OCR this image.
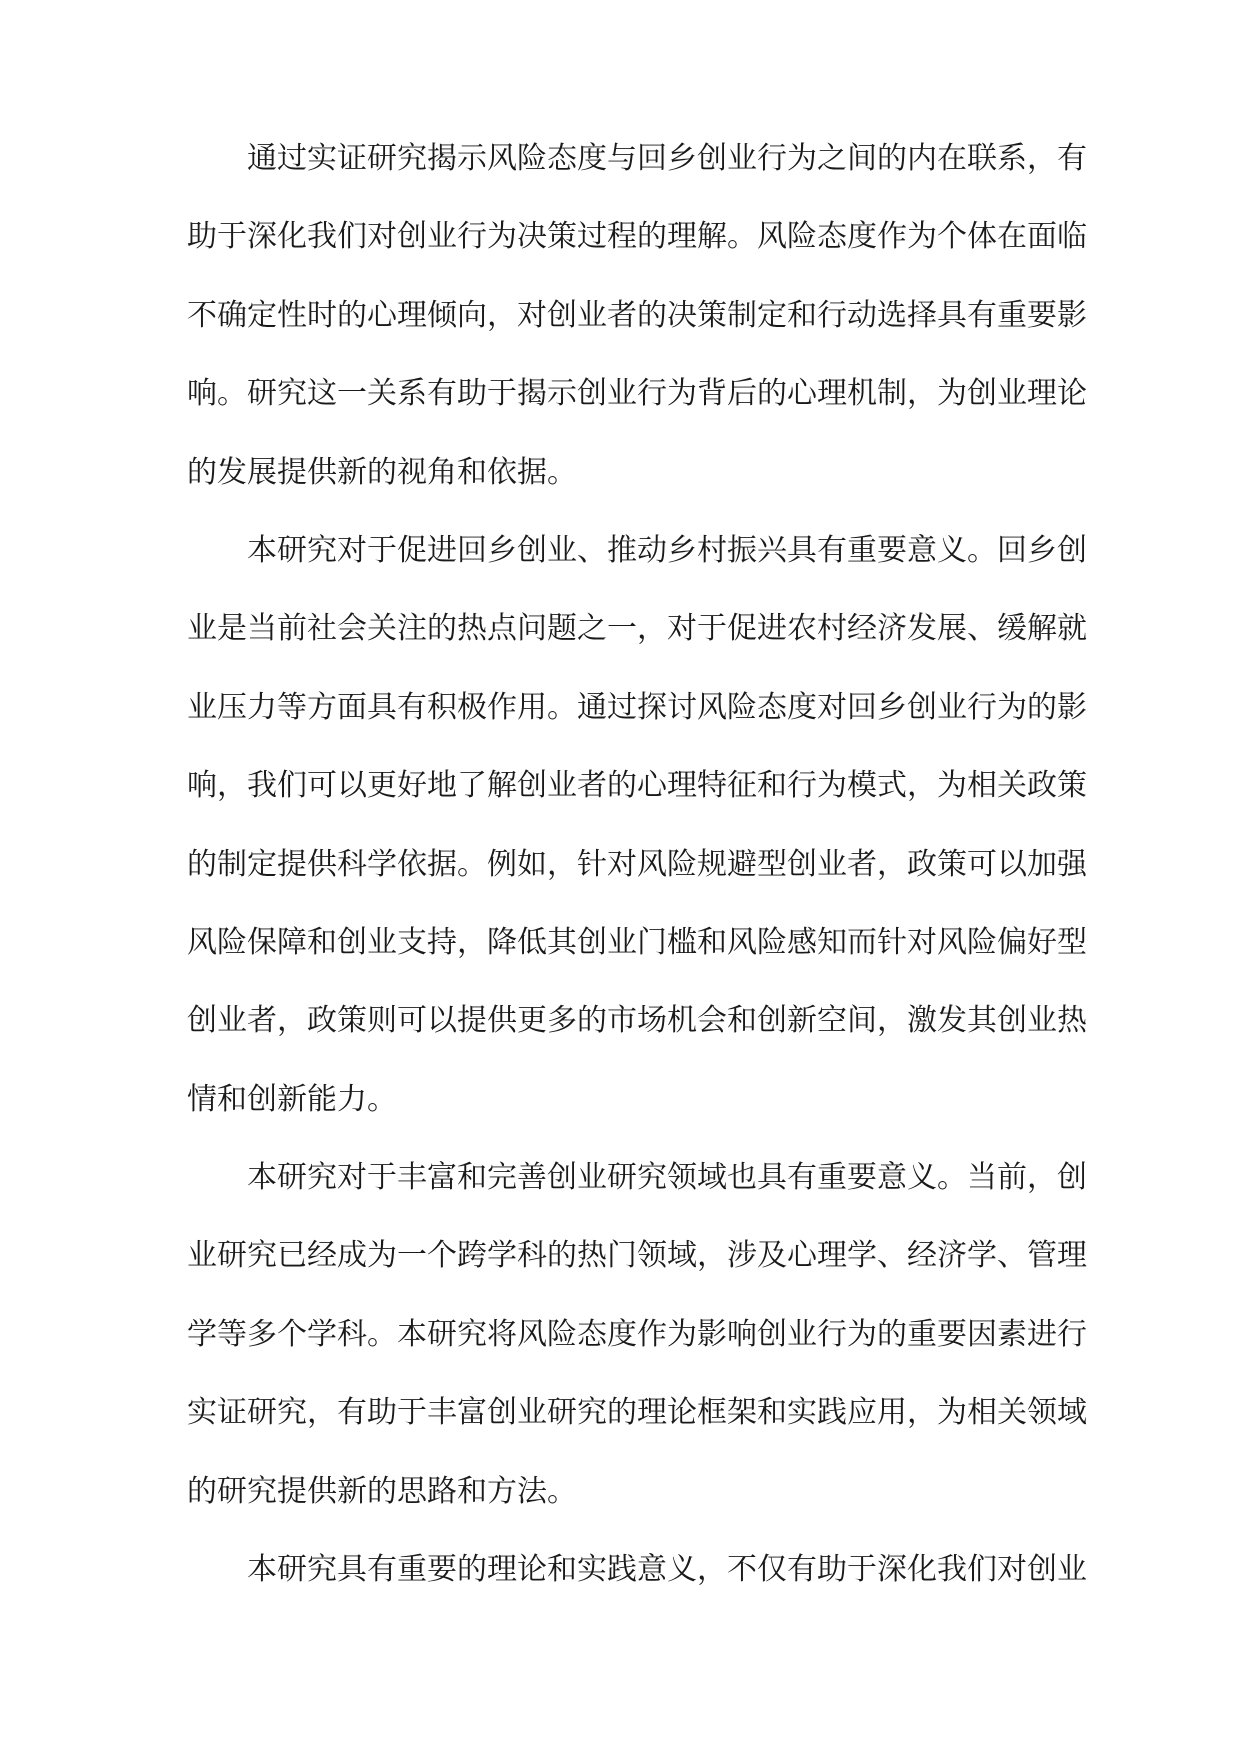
通过实证研究揭示风险态度与回乡创业行为之间的内在联系，有
助于深化我们对创业行为决策过程的理解。风险态度作为个体在面临
不确定性时的心理倾向，对创业者的决策制定和行动选择具有重要影
响。研究这一关系有助于揭示创业行为背后的心理机制，为创业理论
的发展提供新的视角和依据。
本研究对于促进回乡创业、推动乡村振兴具有重要意义。回乡创
业是当前社会关注的热点问题之一，对于促进农村经济发展、缓解就
业压力等方面具有积极作用。通过探讨风险态度对回乡创业行为的影
响，我们可以更好地了解创业者的心理特征和行为模式，为相关政策
的制定提供科学依据。例如，针对风险规避型创业者，政策可以加强
风险保障和创业支持，降低其创业门槛和风险感知而针对风险偏好型
创业者，政策则可以提供更多的市场机会和创新空间，激发其创业热
情和创新能力。
本研究对于丰富和完善创业研究领域也具有重要意义。当前，创
业研究已经成为一个跨学科的热门领域，涉及心理学、经济学、管理
学等多个学科。本研究将风险态度作为影响创业行为的重要因素进行
实证研究，有助于丰富创业研究的理论框架和实践应用，为相关领域
的研究提供新的思路和方法。
本研究具有重要的理论和实践意义，不仅有助于深化我们对创业
